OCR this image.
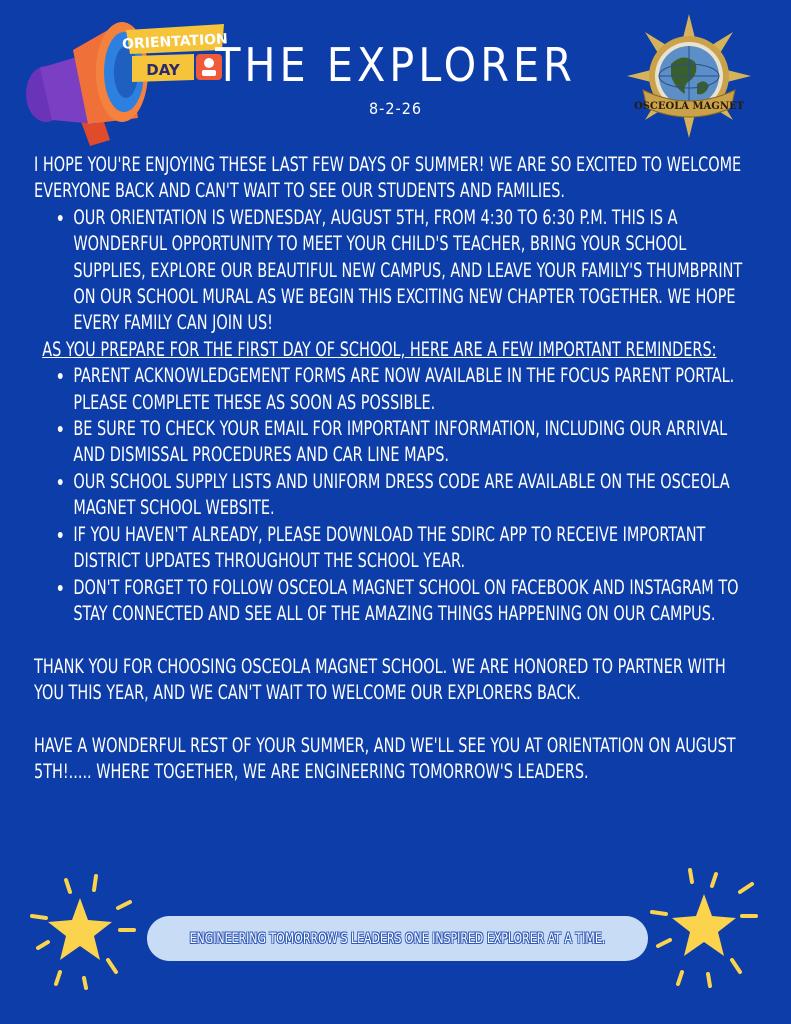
ORIENTATION
DAY THE EXPLORER
8-2-26	OSCEOLA MAGNET

I HOPE YOU'RE ENJOYING THESE LAST FEW DAYS OF SUMMER! WE ARE SO EXCITED TO WELCOME EVERYONE BACK AND CAN'T WAIT TO SEE OUR STUDENTS AND FAMILIES.

• OUR ORIENTATION IS WEDNESDAY, AUGUST 5TH, FROM 4:30 TO 6:30 P.M. THIS IS A WONDERFUL OPPORTUNITY TO MEET YOUR CHILD'S TEACHER, BRING YOUR SCHOOL SUPPLIES, EXPLORE OUR BEAUTIFUL NEW CAMPUS, AND LEAVE YOUR FAMILY'S THUMBPRINT ON OUR SCHOOL MURAL AS WE BEGIN THIS EXCITING NEW CHAPTER TOGETHER. WE HOPE EVERY FAMILY CAN JOIN US!

AS YOU PREPARE FOR THE FIRST DAY OF SCHOOL, HERE ARE A FEW IMPORTANT REMINDERS:

• PARENT ACKNOWLEDGEMENT FORMS ARE NOW AVAILABLE IN THE FOCUS PARENT PORTAL. PLEASE COMPLETE THESE AS SOON AS POSSIBLE.
• BE SURE TO CHECK YOUR EMAIL FOR IMPORTANT INFORMATION, INCLUDING OUR ARRIVAL AND DISMISSAL PROCEDURES AND CAR LINE MAPS.
• OUR SCHOOL SUPPLY LISTS AND UNIFORM DRESS CODE ARE AVAILABLE ON THE OSCEOLA MAGNET SCHOOL WEBSITE.
• IF YOU HAVEN'T ALREADY, PLEASE DOWNLOAD THE SDIRC APP TO RECEIVE IMPORTANT DISTRICT UPDATES THROUGHOUT THE SCHOOL YEAR.
• DON'T FORGET TO FOLLOW OSCEOLA MAGNET SCHOOL ON FACEBOOK AND INSTAGRAM TO STAY CONNECTED AND SEE ALL OF THE AMAZING THINGS HAPPENING ON OUR CAMPUS.

THANK YOU FOR CHOOSING OSCEOLA MAGNET SCHOOL. WE ARE HONORED TO PARTNER WITH YOU THIS YEAR, AND WE CAN'T WAIT TO WELCOME OUR EXPLORERS BACK.

HAVE A WONDERFUL REST OF YOUR SUMMER, AND WE'LL SEE YOU AT ORIENTATION ON AUGUST 5TH!..... WHERE TOGETHER, WE ARE ENGINEERING TOMORROW'S LEADERS.

ENGINEERING TOMORROW'S LEADERS ONE INSPIRED EXPLORER AT A TIME.
